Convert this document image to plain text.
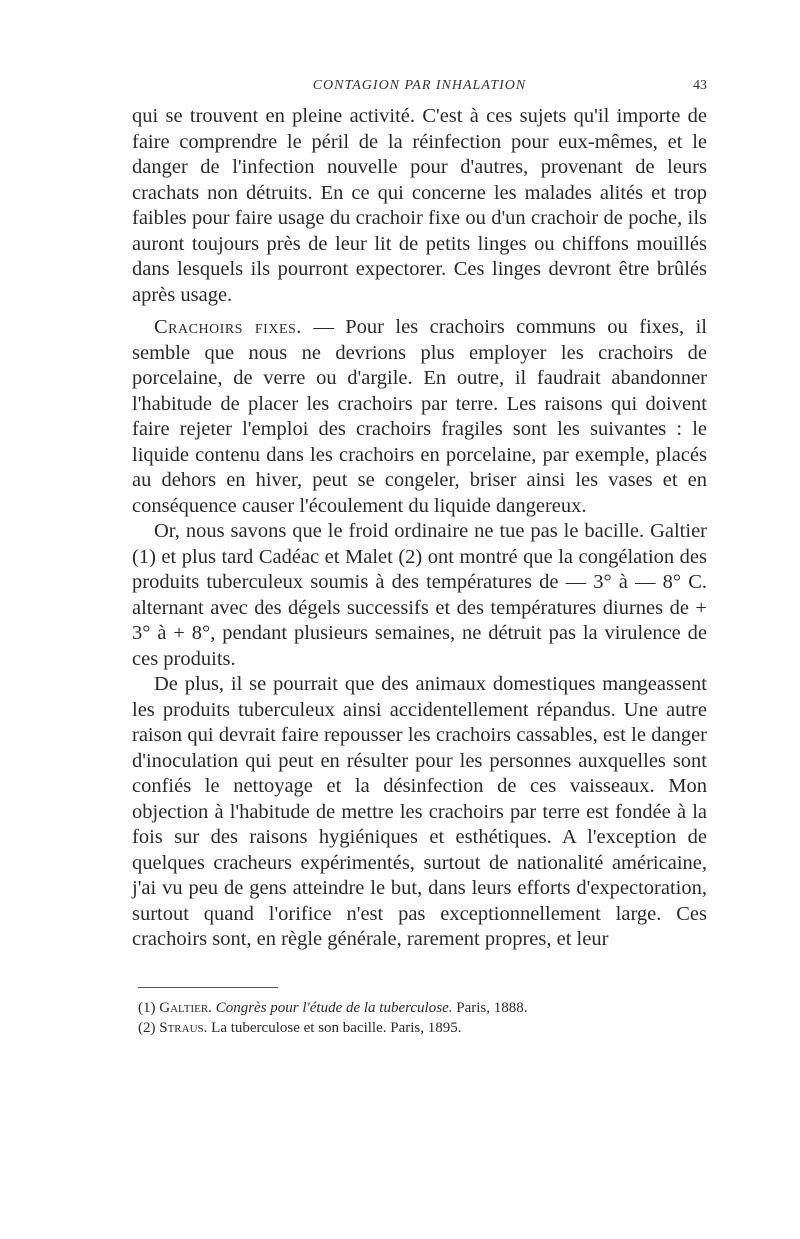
CONTAGION PAR INHALATION	43

qui se trouvent en pleine activité. C'est à ces sujets qu'il importe de faire comprendre le péril de la réinfection pour eux-mêmes, et le danger de l'infection nouvelle pour d'autres, provenant de leurs crachats non détruits. En ce qui concerne les malades alités et trop faibles pour faire usage du crachoir fixe ou d'un crachoir de poche, ils auront toujours près de leur lit de petits linges ou chiffons mouillés dans lesquels ils pourront expectorer. Ces linges devront être brûlés après usage.

Crachoirs fixes. — Pour les crachoirs communs ou fixes, il semble que nous ne devrions plus employer les crachoirs de porcelaine, de verre ou d'argile. En outre, il faudrait abandonner l'habitude de placer les crachoirs par terre. Les raisons qui doivent faire rejeter l'emploi des crachoirs fragiles sont les suivantes : le liquide contenu dans les crachoirs en porcelaine, par exemple, placés au dehors en hiver, peut se congeler, briser ainsi les vases et en conséquence causer l'écoulement du liquide dangereux.

Or, nous savons que le froid ordinaire ne tue pas le bacille. Galtier (1) et plus tard Cadéac et Malet (2) ont montré que la congélation des produits tuberculeux soumis à des températures de — 3° à — 8° C. alternant avec des dégels successifs et des températures diurnes de + 3° à + 8°, pendant plusieurs semaines, ne détruit pas la virulence de ces produits.

De plus, il se pourrait que des animaux domestiques mangeassent les produits tuberculeux ainsi accidentellement répandus. Une autre raison qui devrait faire repousser les crachoirs cassables, est le danger d'inoculation qui peut en résulter pour les personnes auxquelles sont confiés le nettoyage et la désinfection de ces vaisseaux. Mon objection à l'habitude de mettre les crachoirs par terre est fondée à la fois sur des raisons hygiéniques et esthétiques. A l'exception de quelques cracheurs expérimentés, surtout de nationalité américaine, j'ai vu peu de gens atteindre le but, dans leurs efforts d'expectoration, surtout quand l'orifice n'est pas exceptionnellement large. Ces crachoirs sont, en règle générale, rarement propres, et leur

(1) Galtier. Congrès pour l'étude de la tuberculose. Paris, 1888.

(2) Straus. La tuberculose et son bacille. Paris, 1895.
